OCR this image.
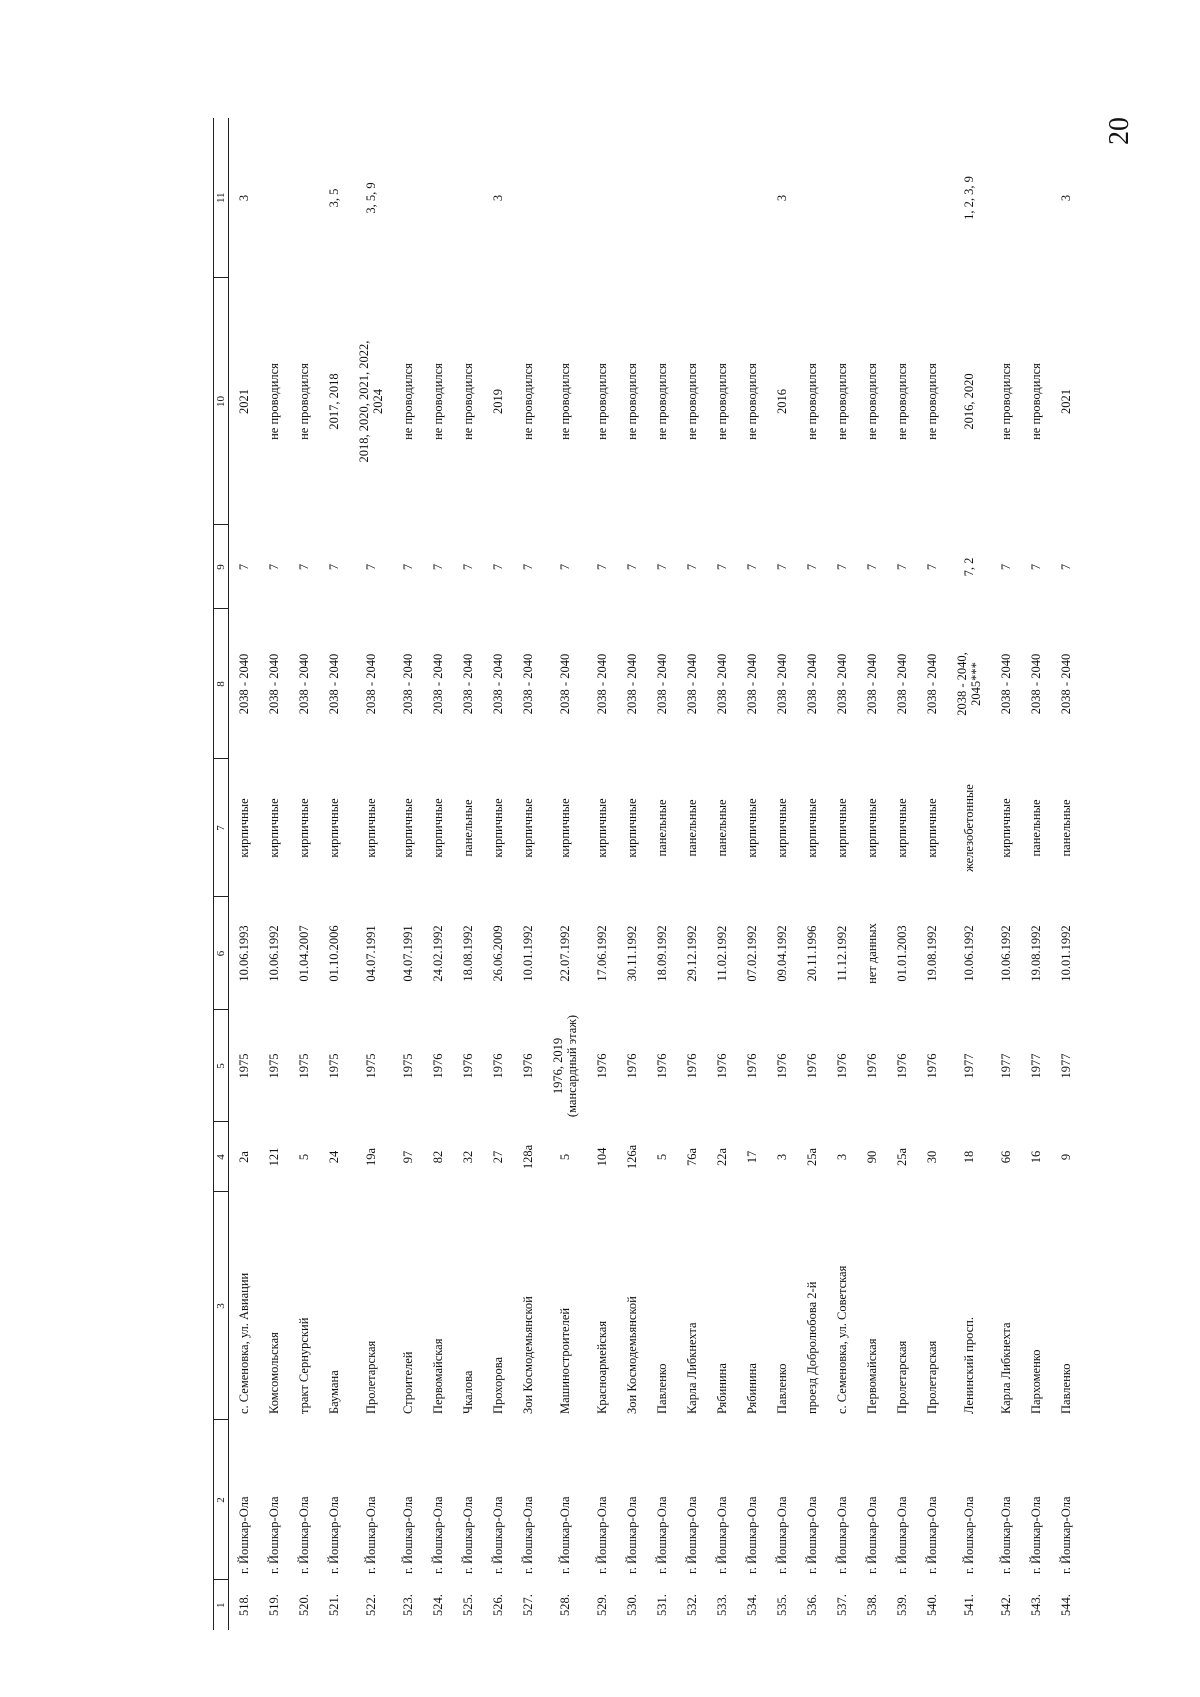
20
1	2	3	4	5	6	7	8	9	10	11
518.	г. Йошкар-Ола	с. Семеновка, ул. Авиации	2а	1975	10.06.1993	кирпичные	2038 - 2040	7	2021	3
519.	г. Йошкар-Ола	Комсомольская	121	1975	10.06.1992	кирпичные	2038 - 2040	7	не проводился	
520.	г. Йошкар-Ола	тракт Сернурский	5	1975	01.04.2007	кирпичные	2038 - 2040	7	не проводился	
521.	г. Йошкар-Ола	Баумана	24	1975	01.10.2006	кирпичные	2038 - 2040	7	2017, 2018	3, 5
522.	г. Йошкар-Ола	Пролетарская	19а	1975	04.07.1991	кирпичные	2038 - 2040	7	2018, 2020, 2021, 2022,
2024	3, 5, 9
523.	г. Йошкар-Ола	Строителей	97	1975	04.07.1991	кирпичные	2038 - 2040	7	не проводился	
524.	г. Йошкар-Ола	Первомайская	82	1976	24.02.1992	кирпичные	2038 - 2040	7	не проводился	
525.	г. Йошкар-Ола	Чкалова	32	1976	18.08.1992	панельные	2038 - 2040	7	не проводился	
526.	г. Йошкар-Ола	Прохорова	27	1976	26.06.2009	кирпичные	2038 - 2040	7	2019	3
527.	г. Йошкар-Ола	Зои Космодемьянской	128а	1976	10.01.1992	кирпичные	2038 - 2040	7	не проводился	
528.	г. Йошкар-Ола	Машиностроителей	5	1976, 2019
(мансардный этаж)	22.07.1992	кирпичные	2038 - 2040	7	не проводился	
529.	г. Йошкар-Ола	Красноармейская	104	1976	17.06.1992	кирпичные	2038 - 2040	7	не проводился	
530.	г. Йошкар-Ола	Зои Космодемьянской	126а	1976	30.11.1992	кирпичные	2038 - 2040	7	не проводился	
531.	г. Йошкар-Ола	Павленко	5	1976	18.09.1992	панельные	2038 - 2040	7	не проводился	
532.	г. Йошкар-Ола	Карла Либкнехта	76а	1976	29.12.1992	панельные	2038 - 2040	7	не проводился	
533.	г. Йошкар-Ола	Рябинина	22а	1976	11.02.1992	панельные	2038 - 2040	7	не проводился	
534.	г. Йошкар-Ола	Рябинина	17	1976	07.02.1992	кирпичные	2038 - 2040	7	не проводился	
535.	г. Йошкар-Ола	Павленко	3	1976	09.04.1992	кирпичные	2038 - 2040	7	2016	3
536.	г. Йошкар-Ола	проезд Добролюбова 2-й	25а	1976	20.11.1996	кирпичные	2038 - 2040	7	не проводился	
537.	г. Йошкар-Ола	с. Семеновка, ул. Советская	3	1976	11.12.1992	кирпичные	2038 - 2040	7	не проводился	
538.	г. Йошкар-Ола	Первомайская	90	1976	нет данных	кирпичные	2038 - 2040	7	не проводился	
539.	г. Йошкар-Ола	Пролетарская	25а	1976	01.01.2003	кирпичные	2038 - 2040	7	не проводился	
540.	г. Йошкар-Ола	Пролетарская	30	1976	19.08.1992	кирпичные	2038 - 2040	7	не проводился	
541.	г. Йошкар-Ола	Ленинский просп.	18	1977	10.06.1992	железобетонные	2038 - 2040,
2045***	7, 2	2016, 2020	1, 2, 3, 9
542.	г. Йошкар-Ола	Карла Либкнехта	66	1977	10.06.1992	кирпичные	2038 - 2040	7	не проводился	
543.	г. Йошкар-Ола	Пархоменко	16	1977	19.08.1992	панельные	2038 - 2040	7	не проводился	
544.	г. Йошкар-Ола	Павленко	9	1977	10.01.1992	панельные	2038 - 2040	7	2021	3
